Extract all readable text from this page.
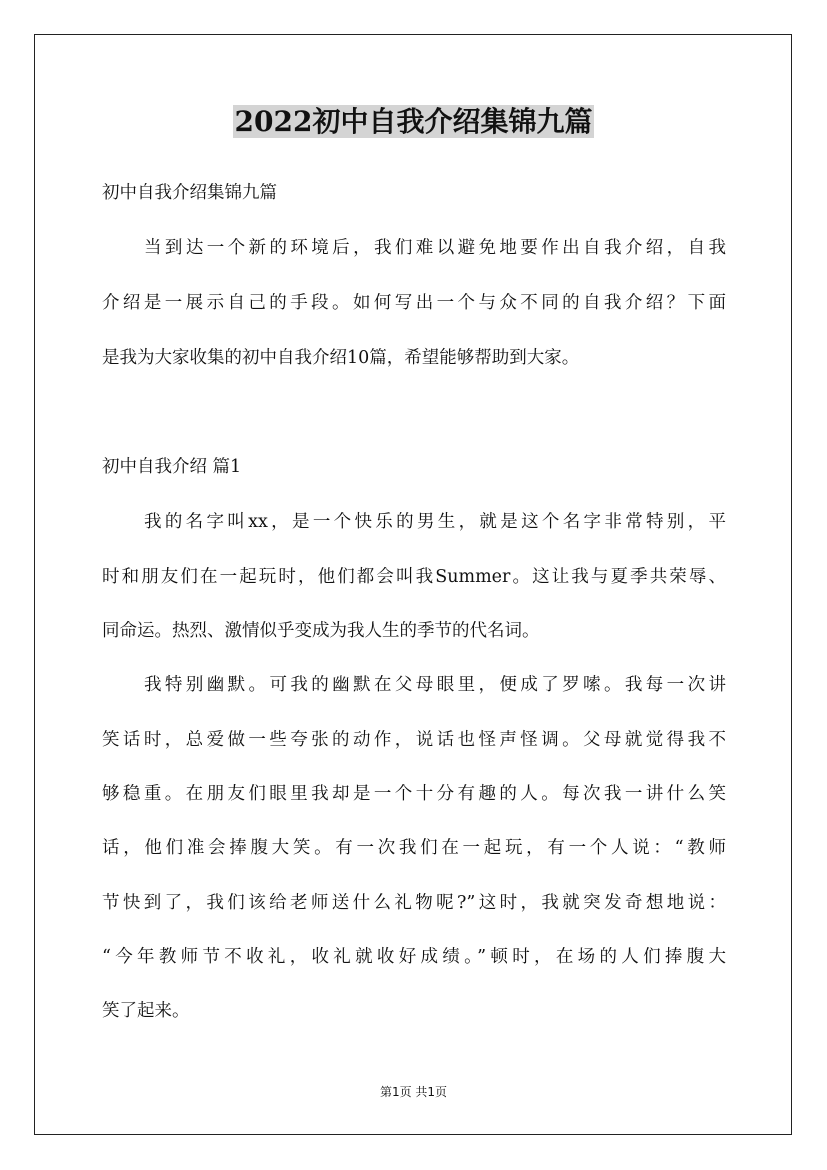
2022初中自我介绍集锦九篇

初中自我介绍集锦九篇

当到达一个新的环境后，我们难以避免地要作出自我介绍，自我

介绍是一展示自己的手段。如何写出一个与众不同的自我介绍？下面

是我为大家收集的初中自我介绍10篇，希望能够帮助到大家。

初中自我介绍 篇1

我的名字叫xx，是一个快乐的男生，就是这个名字非常特别，平

时和朋友们在一起玩时，他们都会叫我Summer。这让我与夏季共荣辱、

同命运。热烈、激情似乎变成为我人生的季节的代名词。

我特别幽默。可我的幽默在父母眼里，便成了罗嗦。我每一次讲

笑话时，总爱做一些夸张的动作，说话也怪声怪调。父母就觉得我不

够稳重。在朋友们眼里我却是一个十分有趣的人。每次我一讲什么笑

话，他们准会捧腹大笑。有一次我们在一起玩，有一个人说：“教师

节快到了，我们该给老师送什么礼物呢?”这时，我就突发奇想地说：

“今年教师节不收礼，收礼就收好成绩。”顿时，在场的人们捧腹大

笑了起来。

第1页 共1页
